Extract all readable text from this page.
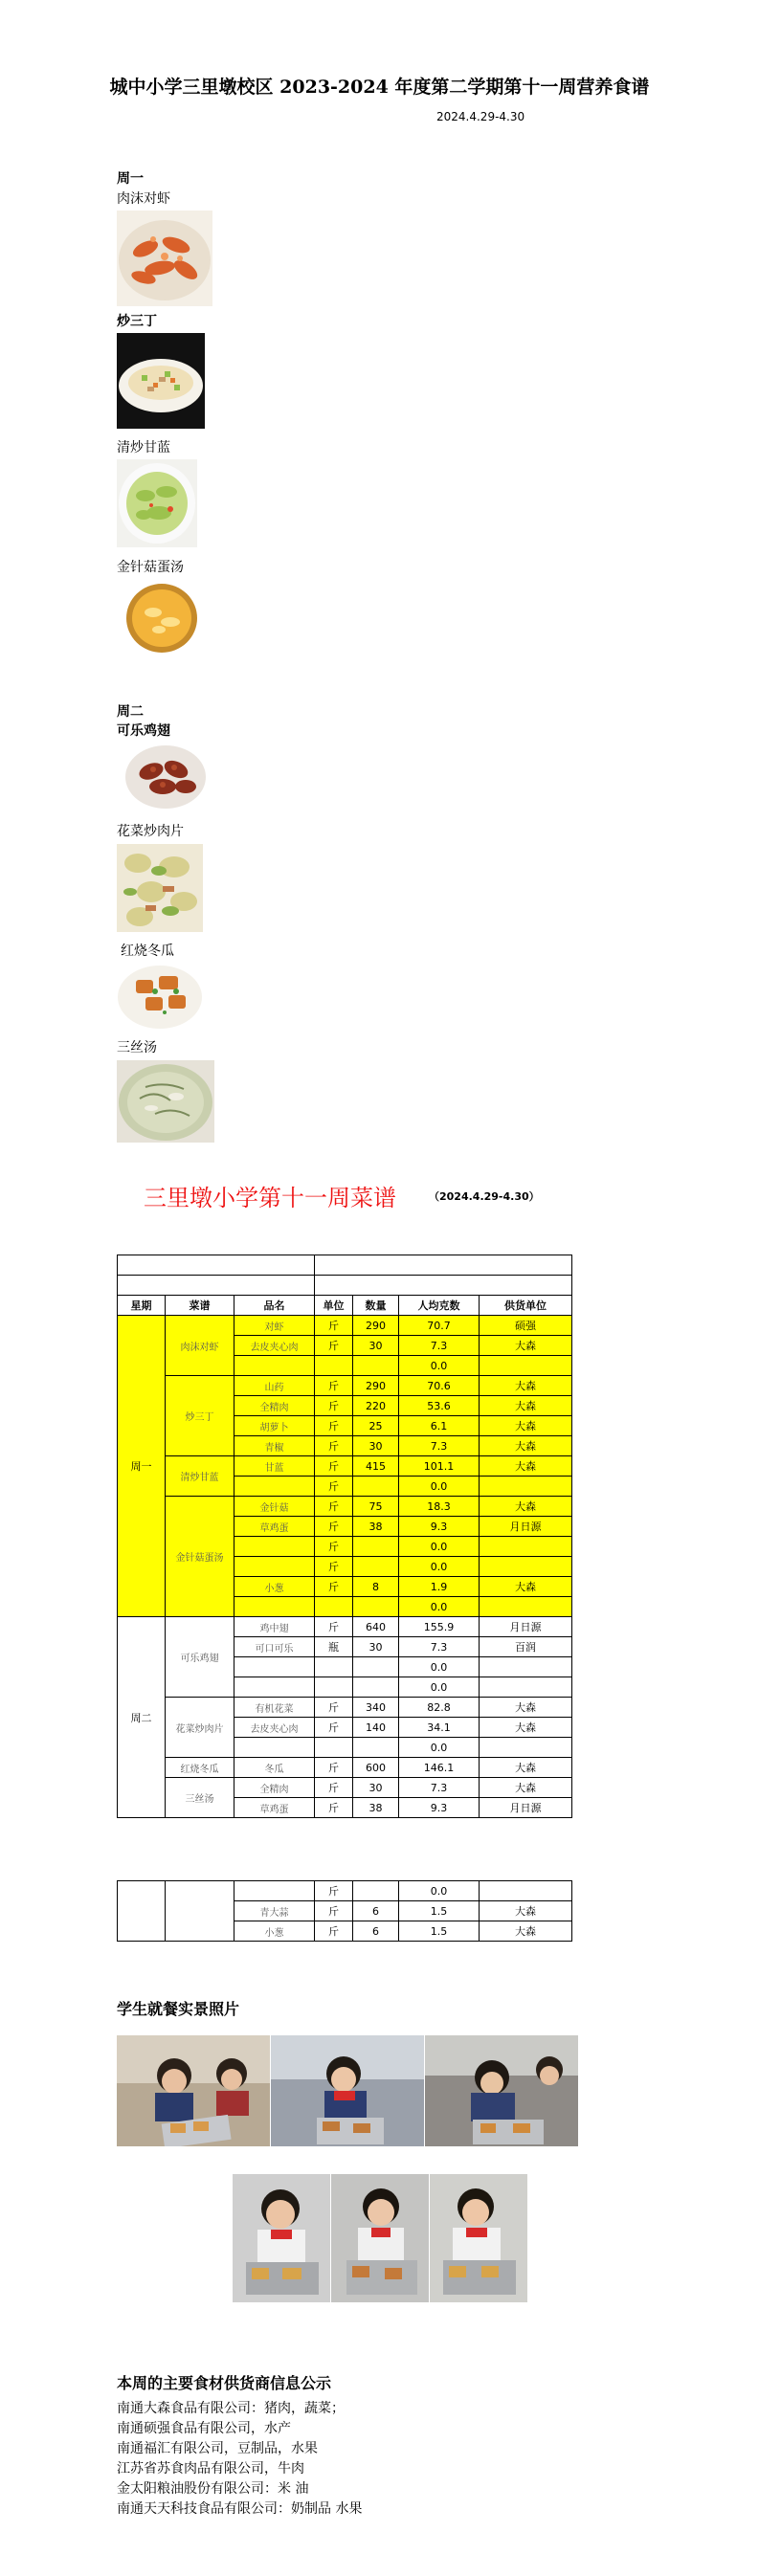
城中小学三里墩校区 2023-2024 年度第二学期第十一周营养食谱
2024.4.29-4.30
周一
肉沫对虾
炒三丁
清炒甘蓝
金针菇蛋汤
周二
可乐鸡翅
花菜炒肉片
红烧冬瓜
三丝汤
三里墩小学第十一周菜谱	（2024.4.29-4.30）

星期	菜谱	品名	单位	数量	人均克数	供货单位
周一	肉沫对虾	对虾	斤	290	70.7	硕强
		去皮夹心肉	斤	30	7.3	大森
					0.0	
	炒三丁	山药	斤	290	70.6	大森
		全精肉	斤	220	53.6	大森
		胡萝卜	斤	25	6.1	大森
		青椒	斤	30	7.3	大森
	清炒甘蓝	甘蓝	斤	415	101.1	大森
			斤		0.0	
	金针菇蛋汤	金针菇	斤	75	18.3	大森
		草鸡蛋	斤	38	9.3	月日源
			斤		0.0	
			斤		0.0	
		小葱	斤	8	1.9	大森
					0.0	
周二	可乐鸡翅	鸡中翅	斤	640	155.9	月日源
		可口可乐	瓶	30	7.3	百润
					0.0	
					0.0	
	花菜炒肉片	有机花菜	斤	340	82.8	大森
		去皮夹心肉	斤	140	34.1	大森
					0.0	
	红烧冬瓜	冬瓜	斤	600	146.1	大森
	三丝汤	全精肉	斤	30	7.3	大森
		草鸡蛋	斤	38	9.3	月日源
			斤		0.0	
		青大蒜	斤	6	1.5	大森
		小葱	斤	6	1.5	大森
学生就餐实景照片
本周的主要食材供货商信息公示
南通大森食品有限公司：猪肉，蔬菜；
南通硕强食品有限公司，水产
南通福汇有限公司，豆制品，水果
江苏省苏食肉品有限公司，牛肉
金太阳粮油股份有限公司：米 油
南通天天科技食品有限公司：奶制品 水果
